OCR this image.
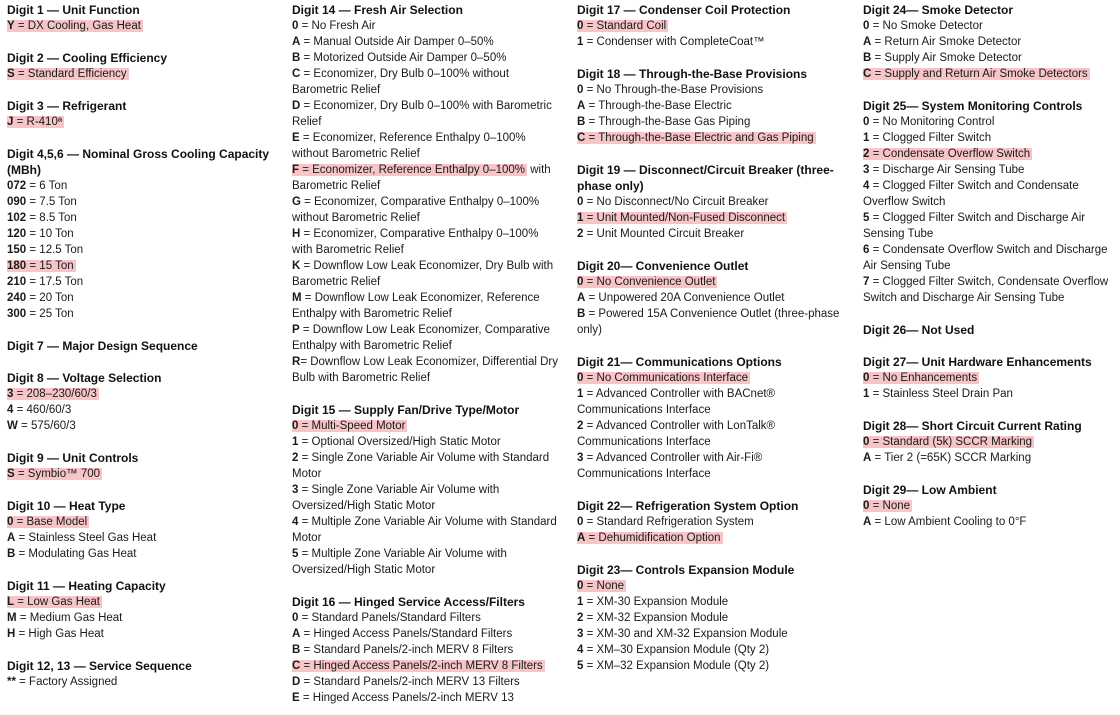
Digit 1 — Unit Function
Y = DX Cooling, Gas Heat
Digit 2 — Cooling Efficiency
S = Standard Efficiency
Digit 3 — Refrigerant
J = R-410ª
Digit 4,5,6 — Nominal Gross Cooling Capacity (MBh)
072 = 6 Ton
090 = 7.5 Ton
102 = 8.5 Ton
120 = 10 Ton
150 = 12.5 Ton
180 = 15 Ton
210 = 17.5 Ton
240 = 20 Ton
300 = 25 Ton
Digit 7 — Major Design Sequence
Digit 8 — Voltage Selection
3 = 208–230/60/3
4 = 460/60/3
W = 575/60/3
Digit 9 — Unit Controls
S = Symbio™ 700
Digit 10 — Heat Type
0 = Base Model
A = Stainless Steel Gas Heat
B = Modulating Gas Heat
Digit 11 — Heating Capacity
L = Low Gas Heat
M = Medium Gas Heat
H = High Gas Heat
Digit 12, 13 — Service Sequence
** = Factory Assigned
Digit 14 — Fresh Air Selection
0 = No Fresh Air
A = Manual Outside Air Damper 0–50%
B = Motorized Outside Air Damper 0–50%
C = Economizer, Dry Bulb 0–100% without Barometric Relief
D = Economizer, Dry Bulb 0–100% with Barometric Relief
E = Economizer, Reference Enthalpy 0–100% without Barometric Relief
F = Economizer, Reference Enthalpy 0–100% with Barometric Relief
G = Economizer, Comparative Enthalpy 0–100% without Barometric Relief
H = Economizer, Comparative Enthalpy 0–100% with Barometric Relief
K = Downflow Low Leak Economizer, Dry Bulb with Barometric Relief
M = Downflow Low Leak Economizer, Reference Enthalpy with Barometric Relief
P = Downflow Low Leak Economizer, Comparative Enthalpy with Barometric Relief
R= Downflow Low Leak Economizer, Differential Dry Bulb with Barometric Relief
Digit 15 — Supply Fan/Drive Type/Motor
0 = Multi-Speed Motor
1 = Optional Oversized/High Static Motor
2 = Single Zone Variable Air Volume with Standard Motor
3 = Single Zone Variable Air Volume with Oversized/High Static Motor
4 = Multiple Zone Variable Air Volume with Standard Motor
5 = Multiple Zone Variable Air Volume with Oversized/High Static Motor
Digit 16 — Hinged Service Access/Filters
0 = Standard Panels/Standard Filters
A = Hinged Access Panels/Standard Filters
B = Standard Panels/2-inch MERV 8 Filters
C = Hinged Access Panels/2-inch MERV 8 Filters
D = Standard Panels/2-inch MERV 13 Filters
E = Hinged Access Panels/2-inch MERV 13
Digit 17 — Condenser Coil Protection
0 = Standard Coil
1 = Condenser with CompleteCoat™
Digit 18 — Through-the-Base Provisions
0 = No Through-the-Base Provisions
A = Through-the-Base Electric
B = Through-the-Base Gas Piping
C = Through-the-Base Electric and Gas Piping
Digit 19 — Disconnect/Circuit Breaker (three-phase only)
0 = No Disconnect/No Circuit Breaker
1 = Unit Mounted/Non-Fused Disconnect
2 = Unit Mounted Circuit Breaker
Digit 20— Convenience Outlet
0 = No Convenience Outlet
A = Unpowered 20A Convenience Outlet
B = Powered 15A Convenience Outlet (three-phase only)
Digit 21— Communications Options
0 = No Communications Interface
1 = Advanced Controller with BACnet® Communications Interface
2 = Advanced Controller with LonTalk® Communications Interface
3 = Advanced Controller with Air-Fi® Communications Interface
Digit 22— Refrigeration System Option
0 = Standard Refrigeration System
A = Dehumidification Option
Digit 23— Controls Expansion Module
0 = None
1 = XM-30 Expansion Module
2 = XM-32 Expansion Module
3 = XM-30 and XM-32 Expansion Module
4 = XM–30 Expansion Module (Qty 2)
5 = XM–32 Expansion Module (Qty 2)
Digit 24— Smoke Detector
0 = No Smoke Detector
A = Return Air Smoke Detector
B = Supply Air Smoke Detector
C = Supply and Return Air Smoke Detectors
Digit 25— System Monitoring Controls
0 = No Monitoring Control
1 = Clogged Filter Switch
2 = Condensate Overflow Switch
3 = Discharge Air Sensing Tube
4 = Clogged Filter Switch and Condensate Overflow Switch
5 = Clogged Filter Switch and Discharge Air Sensing Tube
6 = Condensate Overflow Switch and Discharge Air Sensing Tube
7 = Clogged Filter Switch, Condensate Overflow Switch and Discharge Air Sensing Tube
Digit 26— Not Used
Digit 27— Unit Hardware Enhancements
0 = No Enhancements
1 = Stainless Steel Drain Pan
Digit 28— Short Circuit Current Rating
0 = Standard (5k) SCCR Marking
A = Tier 2 (=65K) SCCR Marking
Digit 29— Low Ambient
0 = None
A = Low Ambient Cooling to 0°F
